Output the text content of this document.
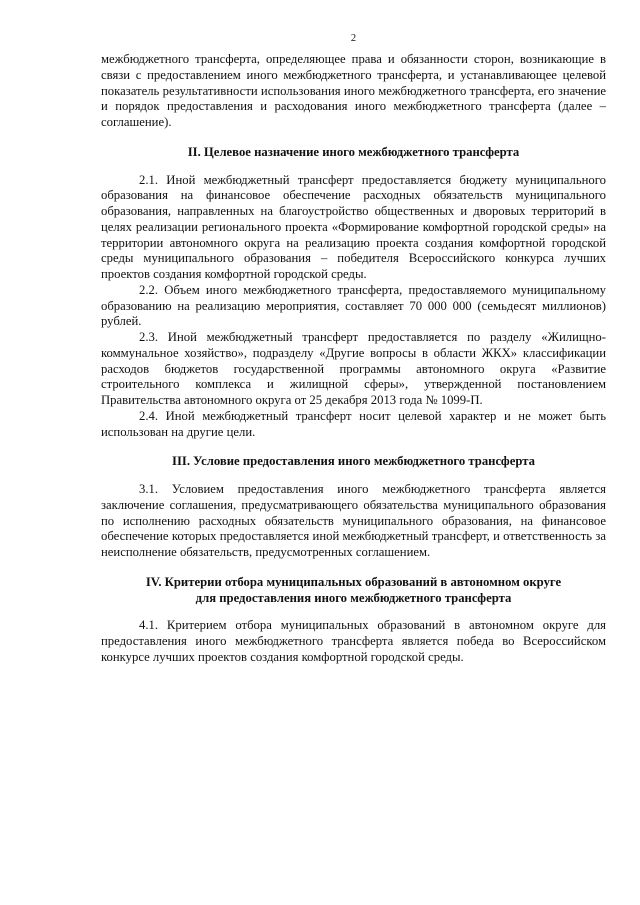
2

межбюджетного трансферта, определяющее права и обязанности сторон, возникающие в связи с предоставлением иного межбюджетного трансферта, и устанавливающее целевой показатель результативности использования иного межбюджетного трансферта, его значение и порядок предоставления и расходования иного межбюджетного трансферта (далее – соглашение).

II. Целевое назначение иного межбюджетного трансферта

2.1. Иной межбюджетный трансферт предоставляется бюджету муниципального образования на финансовое обеспечение расходных обязательств муниципального образования, направленных на благоустройство общественных и дворовых территорий в целях реализации регионального проекта «Формирование комфортной городской среды» на территории автономного округа на реализацию проекта создания комфортной городской среды муниципального образования – победителя Всероссийского конкурса лучших проектов создания комфортной городской среды.

2.2. Объем иного межбюджетного трансферта, предоставляемого муниципальному образованию на реализацию мероприятия, составляет 70 000 000 (семьдесят миллионов) рублей.

2.3. Иной межбюджетный трансферт предоставляется по разделу «Жилищно-коммунальное хозяйство», подразделу «Другие вопросы в области ЖКХ» классификации расходов бюджетов государственной программы автономного округа «Развитие строительного комплекса и жилищной сферы», утвержденной постановлением Правительства автономного округа от 25 декабря 2013 года № 1099-П.

2.4. Иной межбюджетный трансферт носит целевой характер и не может быть использован на другие цели.

III. Условие предоставления иного межбюджетного трансферта

3.1. Условием предоставления иного межбюджетного трансферта является заключение соглашения, предусматривающего обязательства муниципального образования по исполнению расходных обязательств муниципального образования, на финансовое обеспечение которых предоставляется иной межбюджетный трансферт, и ответственность за неисполнение обязательств, предусмотренных соглашением.

IV. Критерии отбора муниципальных образований в автономном округе
для предоставления иного межбюджетного трансферта

4.1. Критерием отбора муниципальных образований в автономном округе для предоставления иного межбюджетного трансферта является победа во Всероссийском конкурсе лучших проектов создания комфортной городской среды.
